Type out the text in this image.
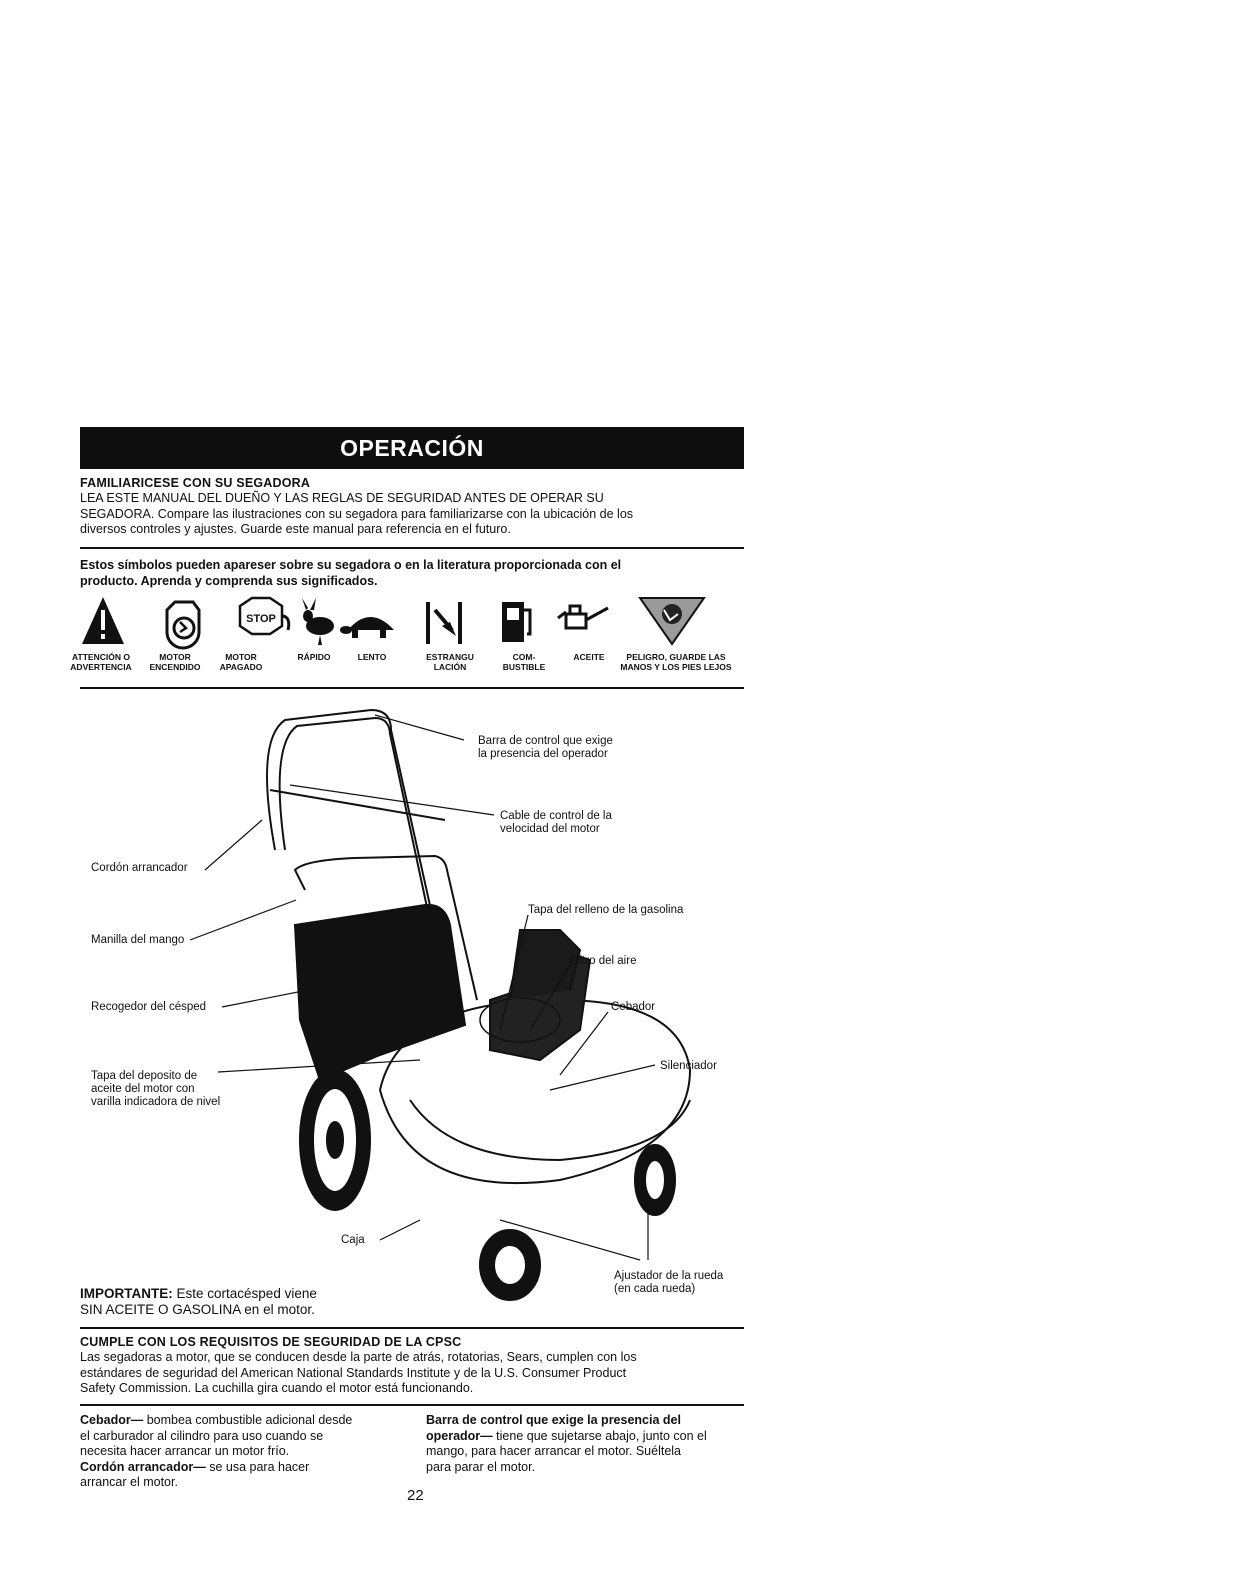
OPERACIÓN
FAMILIARICESE CON SU SEGADORA
LEA ESTE MANUAL DEL DUEÑO Y LAS REGLAS DE SEGURIDAD ANTES DE OPERAR SU
SEGADORA. Compare las ilustraciones con su segadora para familiarizarse con la ubicación de los
diversos controles y ajustes. Guarde este manual para referencia en el futuro.
Estos símbolos pueden apareser sobre su segadora o en la literatura proporcionada con el
producto. Aprenda y comprenda sus significados.
STOP
ATTENCIÓN O
ADVERTENCIA
MOTOR
ENCENDIDO
MOTOR
APAGADO
RÁPIDO	LENTO	ESTRANGU
LACIÓN
COM-
BUSTIBLE
ACEITE	PELIGRO, GUARDE LAS
MANOS Y LOS PIES LEJOS
Barra de control que exige
la presencia del operador
Cable de control de la
velocidad del motor
Cordón arrancador
Tapa del relleno de la gasolina
Manilla del mango
Filtro del aire
Cebador
Recogedor del césped
Silenciador
Tapa del deposito de
aceite del motor con
varilla indicadora de nivel
Caja
Ajustador de la rueda
(en cada rueda)
IMPORTANTE: Este cortacésped viene
SIN ACEITE O GASOLINA en el motor.
CUMPLE CON LOS REQUISITOS DE SEGURIDAD DE LA CPSC
Las segadoras a motor, que se conducen desde la parte de atrás, rotatorias, Sears, cumplen con los
estándares de seguridad del American National Standards Institute y de la U.S. Consumer Product
Safety Commission. La cuchilla gira cuando el motor está funcionando.
Cebador— bombea combustible adicional desde
el carburador al cilindro para uso cuando se
necesita hacer arrancar un motor frío.
Cordón arrancador— se usa para hacer
arrancar el motor.
Barra de control que exige la presencia del
operador— tiene que sujetarse abajo, junto con el
mango, para hacer arrancar el motor. Suéltela
para parar el motor.
22
